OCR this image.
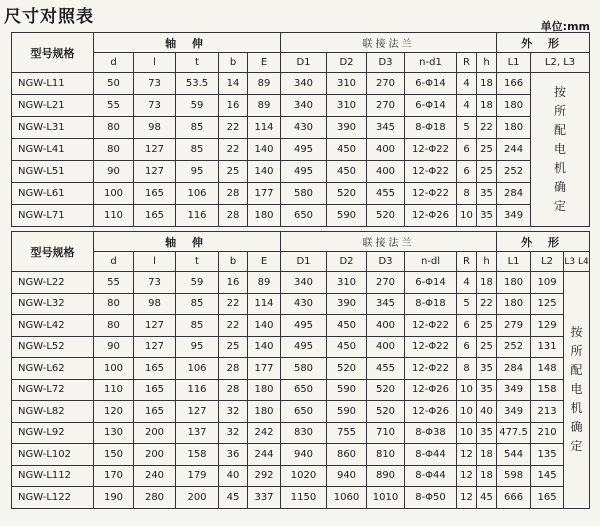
尺寸对照表	单位:mm
型号规格	轴 伸					联接法兰						外 形		
	d	l	t	b	E	D1	D2	D3	n-d1	R	h	L1	L2, L3	
NGW-L11	50	73	53.5	14	89	340	310	270	6-Φ14	4	18	166	按所配电机确定	

NGW-L21	55	73	59	16	89	340	310	270	6-Φ14	4	18	180		
NGW-L31	80	98	85	22	114	430	390	345	8-Φ18	5	22	180		
NGW-L41	80	127	85	22	140	495	450	400	12-Φ22	6	25	244		
NGW-L51	90	127	95	25	140	495	450	400	12-Φ22	6	25	252		
NGW-L61	100	165	106	28	177	580	520	455	12-Φ22	8	35	284		
NGW-L71	110	165	116	28	180	650	590	520	12-Φ26	10	35	349		

型号规格	轴 伸					联接法兰						外 形		
	d	l	t	b	E	D1	D2	D3	n-dl	R	h	L1	L2	L3 L4
NGW-L22	55	73	59	16	89	340	310	270	6-Φ14	4	18	180	109	按所配电机确定

NGW-L32	80	98	85	22	114	430	390	345	8-Φ18	5	22	180	125	
NGW-L42	80	127	85	22	140	495	450	400	12-Φ22	6	25	279	129	
NGW-L52	90	127	95	25	140	495	450	400	12-Φ22	6	25	252	131	
NGW-L62	100	165	106	28	177	580	520	455	12-Φ22	8	35	284	148	
NGW-L72	110	165	116	28	180	650	590	520	12-Φ26	10	35	349	158	
NGW-L82	120	165	127	32	180	650	590	520	12-Φ26	10	40	349	213	
NGW-L92	130	200	137	32	242	830	755	710	8-Φ38	10	35	477.5	210	
NGW-L102	150	200	158	36	244	940	860	810	8-Φ44	12	18	544	135	
NGW-L112	170	240	179	40	292	1020	940	890	8-Φ44	12	18	598	145	
NGW-L122	190	280	200	45	337	1150	1060	1010	8-Φ50	12	45	666	165	
